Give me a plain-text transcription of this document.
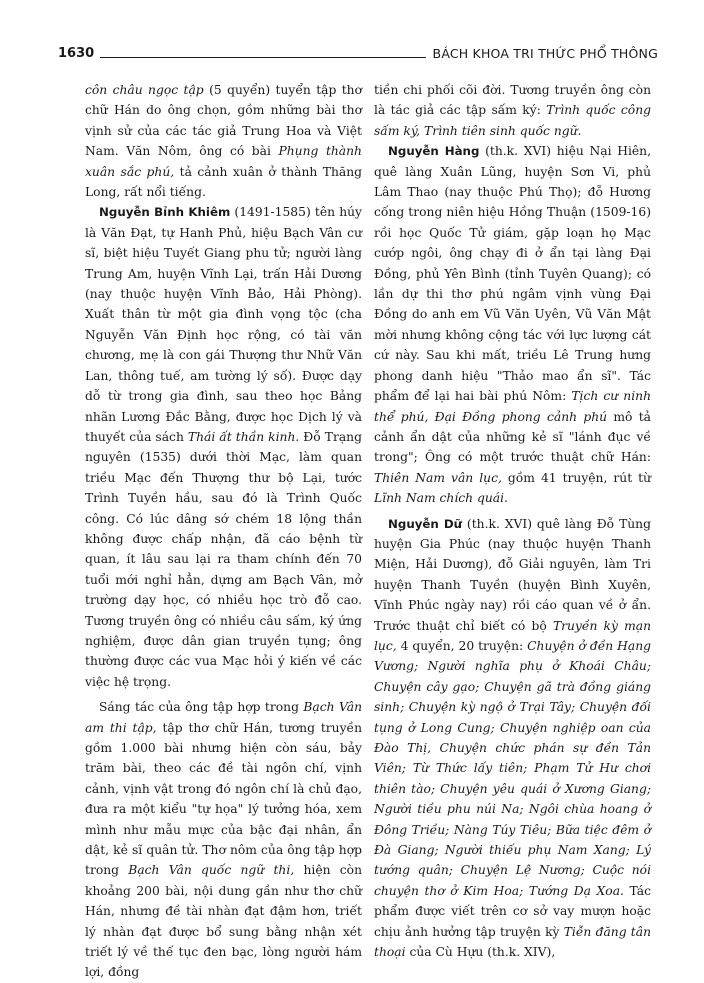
1630	BÁCH KHOA TRI THỨC PHỔ THÔNG

côn châu ngọc tập (5 quyển) tuyển tập thơ chữ Hán do ông chọn, gồm những bài thơ vịnh sử của các tác giả Trung Hoa và Việt Nam. Văn Nôm, ông có bài Phụng thành xuân sắc phú, tả cảnh xuân ở thành Thăng Long, rất nổi tiếng.

Nguyễn Bỉnh Khiêm (1491-1585) tên húy là Văn Đạt, tự Hanh Phủ, hiệu Bạch Vân cư sĩ, biệt hiệu Tuyết Giang phu tử; người làng Trung Am, huyện Vĩnh Lại, trấn Hải Dương (nay thuộc huyện Vĩnh Bảo, Hải Phòng). Xuất thân từ một gia đình vọng tộc (cha Nguyễn Văn Định học rộng, có tài văn chương, mẹ là con gái Thượng thư Nhữ Văn Lan, thông tuế, am tường lý số). Được dạy dỗ từ trong gia đình, sau theo học Bảng nhãn Lương Đắc Bằng, được học Dịch lý và thuyết của sách Thái ất thần kinh. Đỗ Trạng nguyên (1535) dưới thời Mạc, làm quan triều Mạc đến Thượng thư bộ Lại, tước Trình Tuyền hầu, sau đó là Trình Quốc công. Có lúc dâng sớ chém 18 lộng thần không được chấp nhận, đã cáo bệnh từ quan, ít lâu sau lại ra tham chính đến 70 tuổi mới nghỉ hẳn, dựng am Bạch Vân, mở trường dạy học, có nhiều học trò đỗ cao. Tương truyền ông có nhiều câu sấm, ký ứng nghiệm, được dân gian truyền tụng; ông thường được các vua Mạc hỏi ý kiến về các việc hệ trọng.

Sáng tác của ông tập hợp trong Bạch Vân am thi tập, tập thơ chữ Hán, tương truyền gồm 1.000 bài nhưng hiện còn sáu, bảy trăm bài, theo các đề tài ngôn chí, vịnh cảnh, vịnh vật trong đó ngôn chí là chủ đạo, đưa ra một kiểu "tự họa" lý tưởng hóa, xem mình như mẫu mực của bậc đại nhân, ẩn dật, kẻ sĩ quân tử. Thơ nôm của ông tập hợp trong Bạch Vân quốc ngữ thi, hiện còn khoảng 200 bài, nội dung gần như thơ chữ Hán, nhưng đề tài nhàn đạt đậm hơn, triết lý nhàn đạt được bổ sung bằng nhận xét triết lý về thế tục đen bạc, lòng người hám lợi, đồng

tiền chi phối cõi đời. Tương truyền ông còn là tác giả các tập sấm ký: Trình quốc công sấm ký, Trình tiên sinh quốc ngữ.

Nguyễn Hàng (th.k. XVI) hiệu Nại Hiên, quê làng Xuân Lũng, huyện Sơn Vi, phủ Lâm Thao (nay thuộc Phú Thọ); đỗ Hương cống trong niên hiệu Hồng Thuận (1509-16) rồi học Quốc Tử giám, gặp loạn họ Mạc cướp ngôi, ông chạy đi ở ẩn tại làng Đại Đồng, phủ Yên Bình (tỉnh Tuyên Quang); có lần dự thi thơ phú ngâm vịnh vùng Đại Đồng do anh em Vũ Văn Uyên, Vũ Văn Mật mời nhưng không cộng tác với lực lượng cát cứ này. Sau khi mất, triều Lê Trung hưng phong danh hiệu "Thảo mao ẩn sĩ". Tác phẩm để lại hai bài phú Nôm: Tịch cư ninh thể phú, Đại Đồng phong cảnh phú mô tả cảnh ẩn dật của những kẻ sĩ "lánh đục về trong"; Ông có một trước thuật chữ Hán: Thiên Nam vân lục, gồm 41 truyện, rút từ Lĩnh Nam chích quái.

Nguyễn Dữ (th.k. XVI) quê làng Đỗ Tùng huyện Gia Phúc (nay thuộc huyện Thanh Miện, Hải Dương), đỗ Giải nguyên, làm Tri huyện Thanh Tuyền (huyện Bình Xuyên, Vĩnh Phúc ngày nay) rồi cáo quan về ở ẩn. Trước thuật chỉ biết có bộ Truyền kỳ mạn lục, 4 quyển, 20 truyện: Chuyện ở đền Hạng Vương; Người nghĩa phụ ở Khoái Châu; Chuyện cây gạo; Chuyện gã trà đồng giáng sinh; Chuyện kỳ ngộ ở Trại Tây; Chuyện đối tụng ở Long Cung; Chuyện nghiệp oan của Đào Thị, Chuyện chức phán sự đền Tản Viên; Từ Thức lấy tiên; Phạm Tử Hư chơi thiên tào; Chuyện yêu quái ở Xương Giang; Người tiều phu núi Na; Ngôi chùa hoang ở Đông Triều; Nàng Túy Tiêu; Bữa tiệc đêm ở Đà Giang; Người thiếu phụ Nam Xang; Lý tướng quân; Chuyện Lệ Nương; Cuộc nói chuyện thơ ở Kim Hoa; Tướng Dạ Xoa. Tác phẩm được viết trên cơ sở vay mượn hoặc chịu ảnh hưởng tập truyện kỳ Tiễn đăng tân thoại của Cù Hựu (th.k. XIV),
